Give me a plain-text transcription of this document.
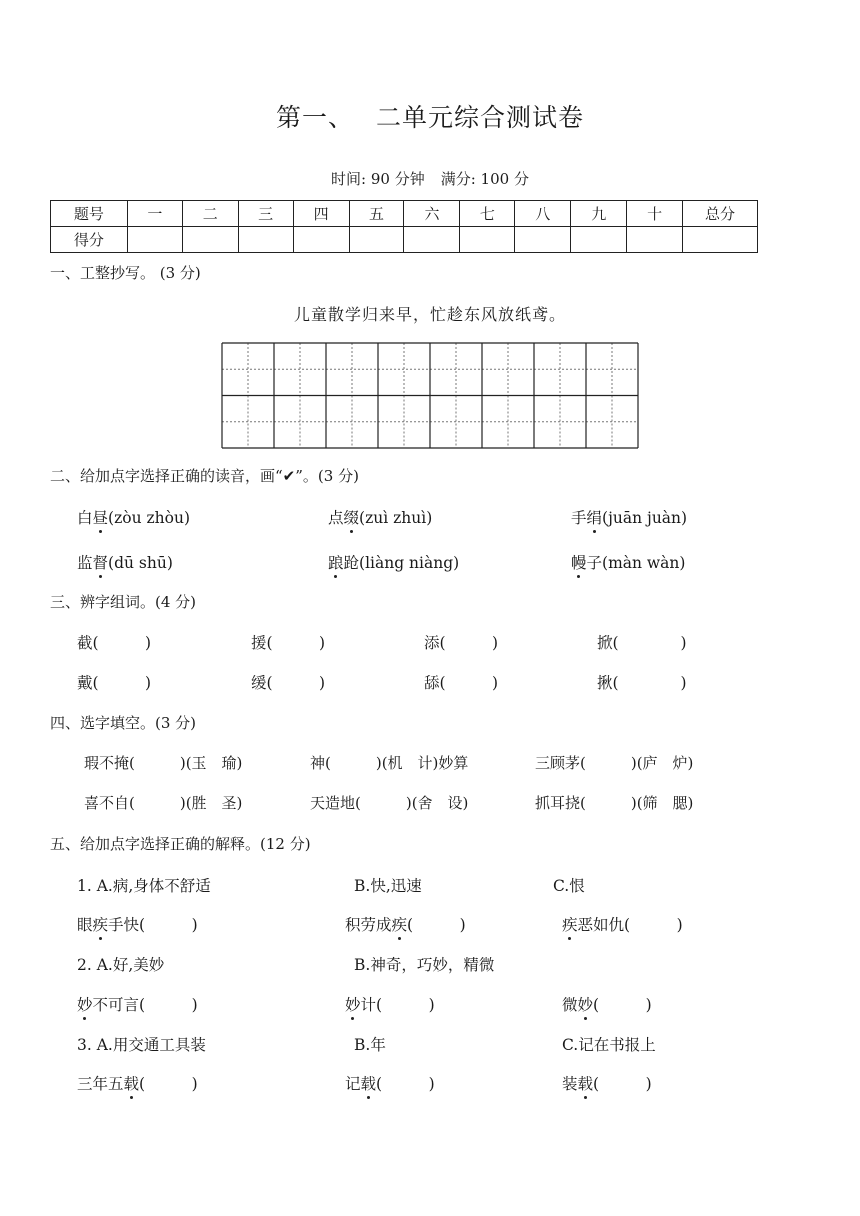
第一、 二单元综合测试卷
时间: 90 分钟 满分: 100 分
题号	一	二	三	四	五	六	七	八	九	十	总分
得分											
一、工整抄写。 (3 分)
儿童散学归来早，忙趁东风放纸鸢。
二、给加点字选择正确的读音，画“✔”。(3 分)
白昼(zòu zhòu)	点缀(zuì zhuì)	手绢(juān juàn)
监督(dū shū)	踉跄(liàng niàng)	幔子(màn wàn)
三、辨字组词。(4 分)
截(　　　)	援(　　　)	添(　　　)	掀(　　　　)
戴(　　　)	缓(　　　)	舔(　　　)	揪(　　　　)
四、选字填空。(3 分)
瑕不掩(　　　)(玉　瑜)	神(　　　)(机　计)妙算	三顾茅(　　　)(庐　炉)
喜不自(　　　)(胜　圣)	天造地(　　　)(舍　设)	抓耳挠(　　　)(筛　腮)
五、给加点字选择正确的解释。(12 分)
1. A.病,身体不舒适	B.快,迅速	C.恨
眼疾手快(　　　)	积劳成疾(　　　)	疾恶如仇(　　　)
2. A.好,美妙	B.神奇，巧妙，精微
妙不可言(　　　)	妙计(　　　)	微妙(　　　)
3. A.用交通工具装	B.年	C.记在书报上
三年五载(　　　)	记载(　　　)	装载(　　　)
